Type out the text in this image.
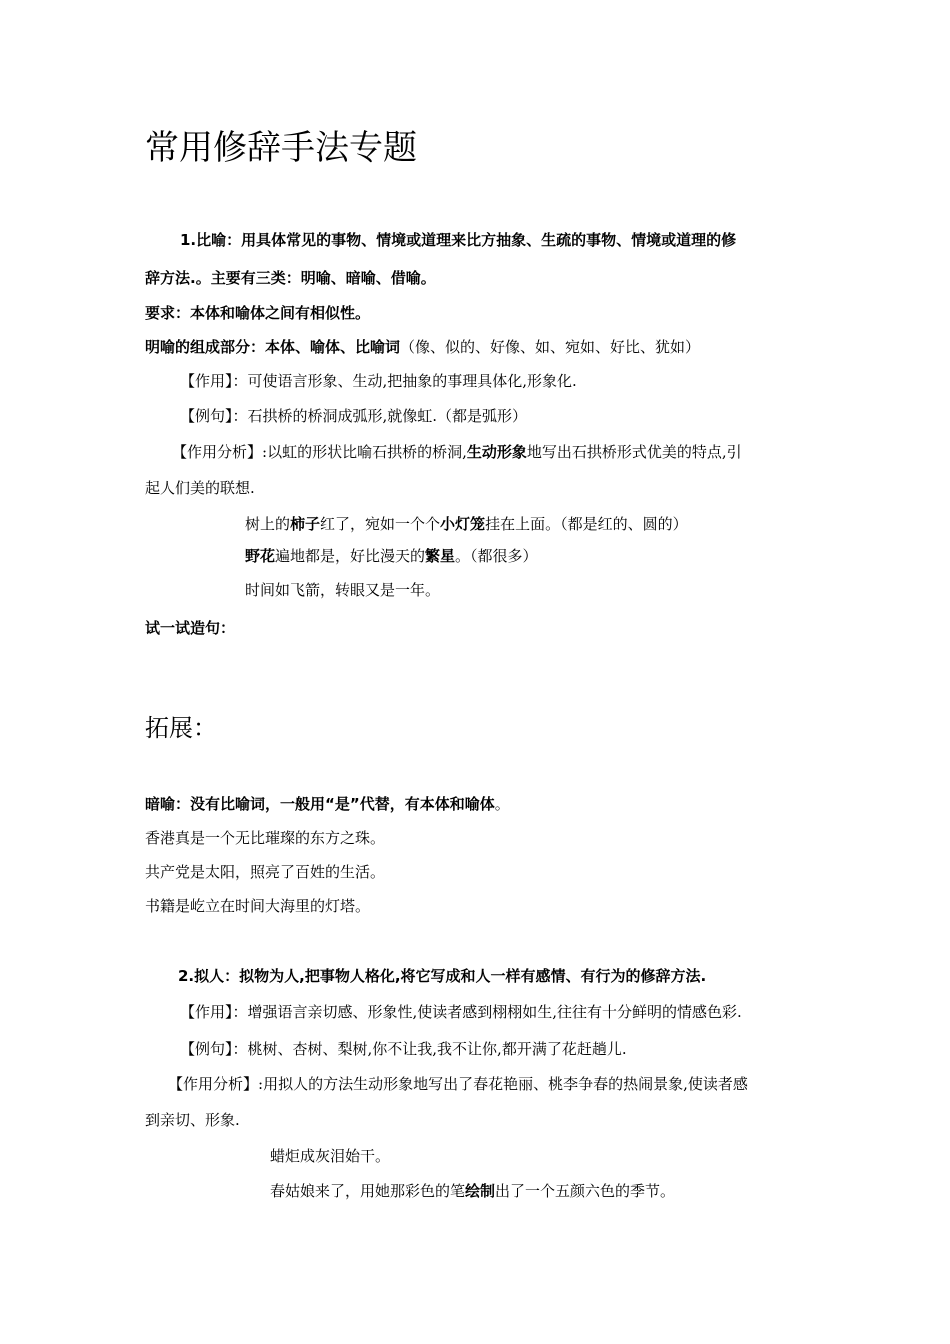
常用修辞手法专题
1.比喻：用具体常见的事物、情境或道理来比方抽象、生疏的事物、情境或道理的修
辞方法.。主要有三类：明喻、暗喻、借喻。
要求：本体和喻体之间有相似性。
明喻的组成部分：本体、喻体、比喻词（像、似的、好像、如、宛如、好比、犹如）
【作用】：可使语言形象、生动,把抽象的事理具体化,形象化.
【例句】：石拱桥的桥洞成弧形,就像虹.（都是弧形）
【作用分析】:以虹的形状比喻石拱桥的桥洞,生动形象地写出石拱桥形式优美的特点,引
起人们美的联想.
树上的柿子红了，宛如一个个小灯笼挂在上面。（都是红的、圆的）
野花遍地都是，好比漫天的繁星。（都很多）
时间如飞箭，转眼又是一年。
试一试造句：
拓展：
暗喻：没有比喻词，一般用“是”代替，有本体和喻体。
香港真是一个无比璀璨的东方之珠。
共产党是太阳，照亮了百姓的生活。
书籍是屹立在时间大海里的灯塔。
2.拟人：拟物为人,把事物人格化,将它写成和人一样有感情、有行为的修辞方法.
【作用】：增强语言亲切感、形象性,使读者感到栩栩如生,往往有十分鲜明的情感色彩.
【例句】：桃树、杏树、梨树,你不让我,我不让你,都开满了花赶趟儿.
【作用分析】:用拟人的方法生动形象地写出了春花艳丽、桃李争春的热闹景象,使读者感
到亲切、形象.
蜡炬成灰泪始干。
春姑娘来了，用她那彩色的笔绘制出了一个五颜六色的季节。
